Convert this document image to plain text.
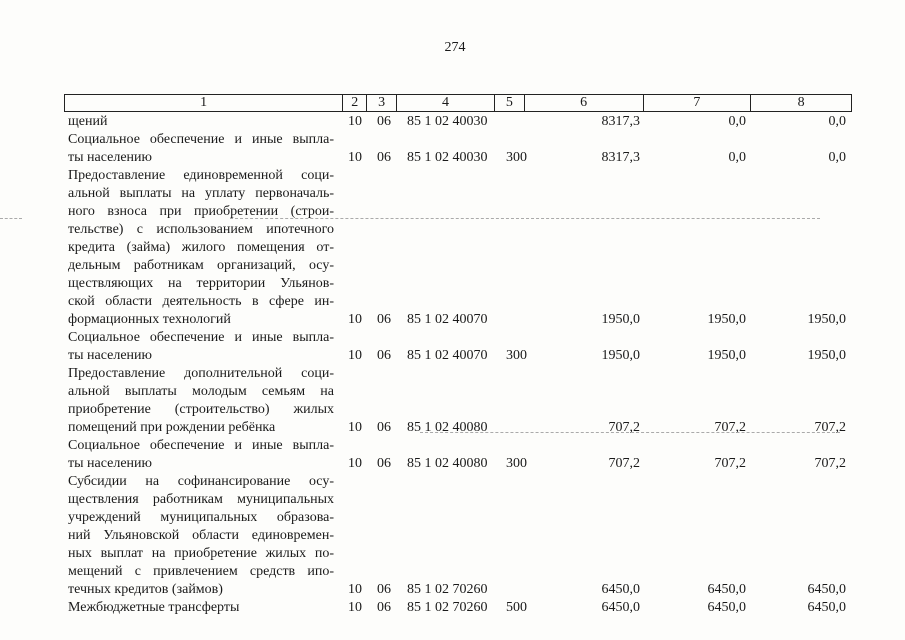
274
1	2	3	4	5	6	7	8
щений	10 06 85 1 02 40030	8317,3	0,0	0,0
Социальное обеспечение и иные выпла-
ты населению	10 06 85 1 02 40030 300	8317,3	0,0	0,0
Предоставление единовременной соци-
альной выплаты на уплату первоначаль-
ного взноса при приобретении (строи-
тельстве) с использованием ипотечного
кредита (займа) жилого помещения от-
дельным работникам организаций, осу-
ществляющих на территории Ульянов-
ской области деятельность в сфере ин-
формационных технологий	10 06 85 1 02 40070	1950,0	1950,0	1950,0
Социальное обеспечение и иные выпла-
ты населению	10 06 85 1 02 40070 300	1950,0	1950,0	1950,0
Предоставление дополнительной соци-
альной выплаты молодым семьям на
приобретение (строительство) жилых
помещений при рождении ребёнка	10 06 85 1 02 40080	707,2	707,2	707,2
Социальное обеспечение и иные выпла-
ты населению	10 06 85 1 02 40080 300	707,2	707,2	707,2
Субсидии на софинансирование осу-
ществления работникам муниципальных
учреждений муниципальных образова-
ний Ульяновской области единовремен-
ных выплат на приобретение жилых по-
мещений с привлечением средств ипо-
течных кредитов (займов)	10 06 85 1 02 70260	6450,0	6450,0	6450,0
Межбюджетные трансферты	10 06 85 1 02 70260 500	6450,0	6450,0	6450,0
